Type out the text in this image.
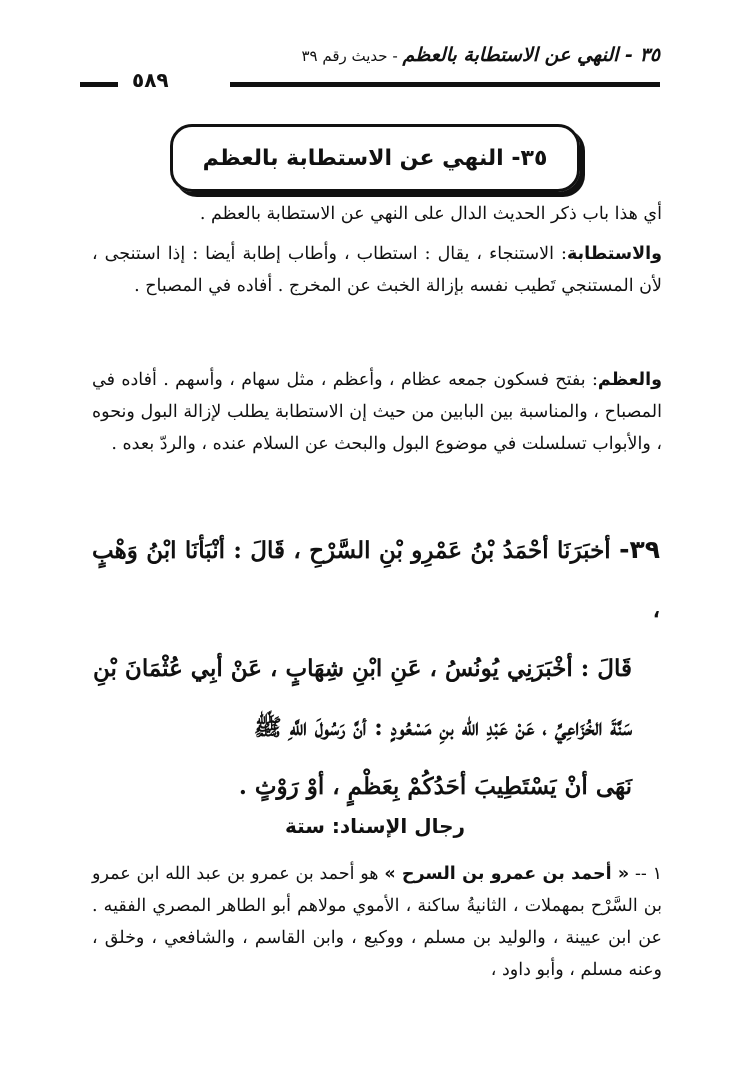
٣٥ - النهي عن الاستطابة بالعظم - حديث رقم ٣٩
٥٨٩
٣٥- النهي عن الاستطابة بالعظم
أي هذا باب ذكر الحديث الدال على النهي عن الاستطابة بالعظم .
والاستطابة: الاستنجاء ، يقال : استطاب ، وأطاب إطابة أيضا : إذا استنجى ، لأن المستنجي تَطيب نفسه بإزالة الخبث عن المخرج . أفاده في المصباح .
والعظم: بفتح فسكون جمعه عظام ، وأعظم ، مثل سهام ، وأسهم . أفاده في المصباح ، والمناسبة بين البابين من حيث إن الاستطابة يطلب لإزالة البول ونحوه ، والأبواب تسلسلت في موضوع البول والبحث عن السلام عنده ، والردّ بعده .
٣٩- أخبَرَنَا أحْمَدُ بْنُ عَمْرِو بْنِ السَّرْحِ ، قَالَ : أنْبَأنَا ابْنُ وَهْبٍ ،
قَالَ : أخْبَرَنِي يُونُسُ ، عَنِ ابْنِ شِهَابٍ ، عَنْ أبِي عُثْمَانَ بْنِ
سَنَّةَ الخُزَاعِيِّ ، عَنْ عَبْدِ الله بنِ مَسْعُودٍ : أنَّ رَسُولَ اللَّهِ ﷺ
نَهَى أنْ يَسْتَطِيبَ أحَدُكُمْ بِعَظْمٍ ، أوْ رَوْثٍ .
رجال الإسناد: ستة
١ -- « أحمد بن عمرو بن السرح » هو أحمد بن عمرو بن عبد الله ابن عمرو بن السَّرْح بمهملات ، الثانيةُ ساكنة ، الأموي مولاهم أبو الطاهر المصري الفقيه . عن ابن عيينة ، والوليد بن مسلم ، ووكيع ، وابن القاسم ، والشافعي ، وخلق ، وعنه مسلم ، وأبو داود ،
